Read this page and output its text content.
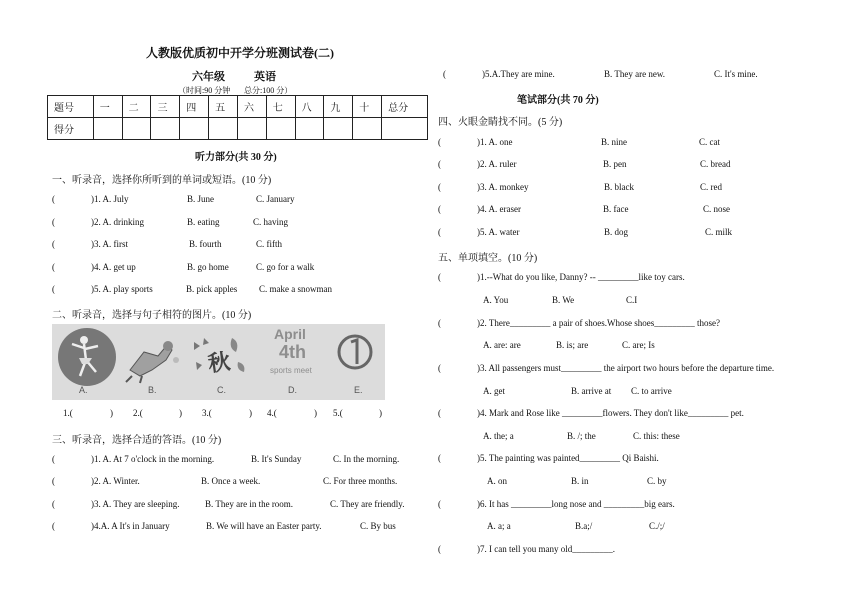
人教版优质初中开学分班测试卷(二)
六年级	英语
（时间:90 分钟 总分:100 分）
题号	一	二	三	四	五	六	七	八	九	十	总分
得分											
听力部分(共 30 分)
一、听录音，选择你所听到的单词或短语。(10 分)
(	)1. A. July	B. June	C. January
(	)2. A. drinking	B. eating	C. having
(	)3. A. first	B. fourth	C. fifth
(	)4. A. get up	B. go home	C. go for a walk
(	)5. A. play sports	B. pick apples C. make a snowman
二、听录音，选择与句子相符的图片。(10 分)
秋
April
4th
sports meet
A.	B.	C.	D.	E.
1.(	) 2.(	) 3.(	) 4.(	) 5.(	)
三、听录音，选择合适的答语。(10 分)
(	)1. A. At 7 o'clock in the morning.	B. It's Sunday	C. In the morning.
(	)2. A. Winter.	B. Once a week.	C. For three months.
(	)3. A. They are sleeping.	B. They are in the room.	C. They are friendly.
(	)4.A. A It's in January	B. We will have an Easter party.	C. By bus
(	)5.A.They are mine.	B. They are new.	C. It's mine.
笔试部分(共 70 分)
四、火眼金睛找不同。(5 分)
(	)1. A. one	B. nine	C. cat
(	)2. A. ruler	B. pen	C. bread
(	)3. A. monkey	B. black	C. red
(	)4. A. eraser	B. face	C. nose
(	)5. A. water	B. dog	C. milk
五、单项填空。(10 分)
(	)1.--What do you like, Danny? -- _________like toy cars.
A. You	B. We	C.I
(	)2. There_________ a pair of shoes.Whose shoes_________ those?
A. are: are	B. is; are	C. are; Is
(	)3. All passengers must_________ the airport two hours before the departure time.
A. get	B. arrive at C. to arrive
(	)4. Mark and Rose like _________flowers. They don't like_________ pet.
A. the; a	B. /; the	C. this: these
(	)5. The painting was painted_________ Qi Baishi.
A. on	B. in	C. by
(	)6. It has _________long nose and _________big ears.
A. a; a	B.a;/	C./;/
(	)7. I can tell you many old_________.
